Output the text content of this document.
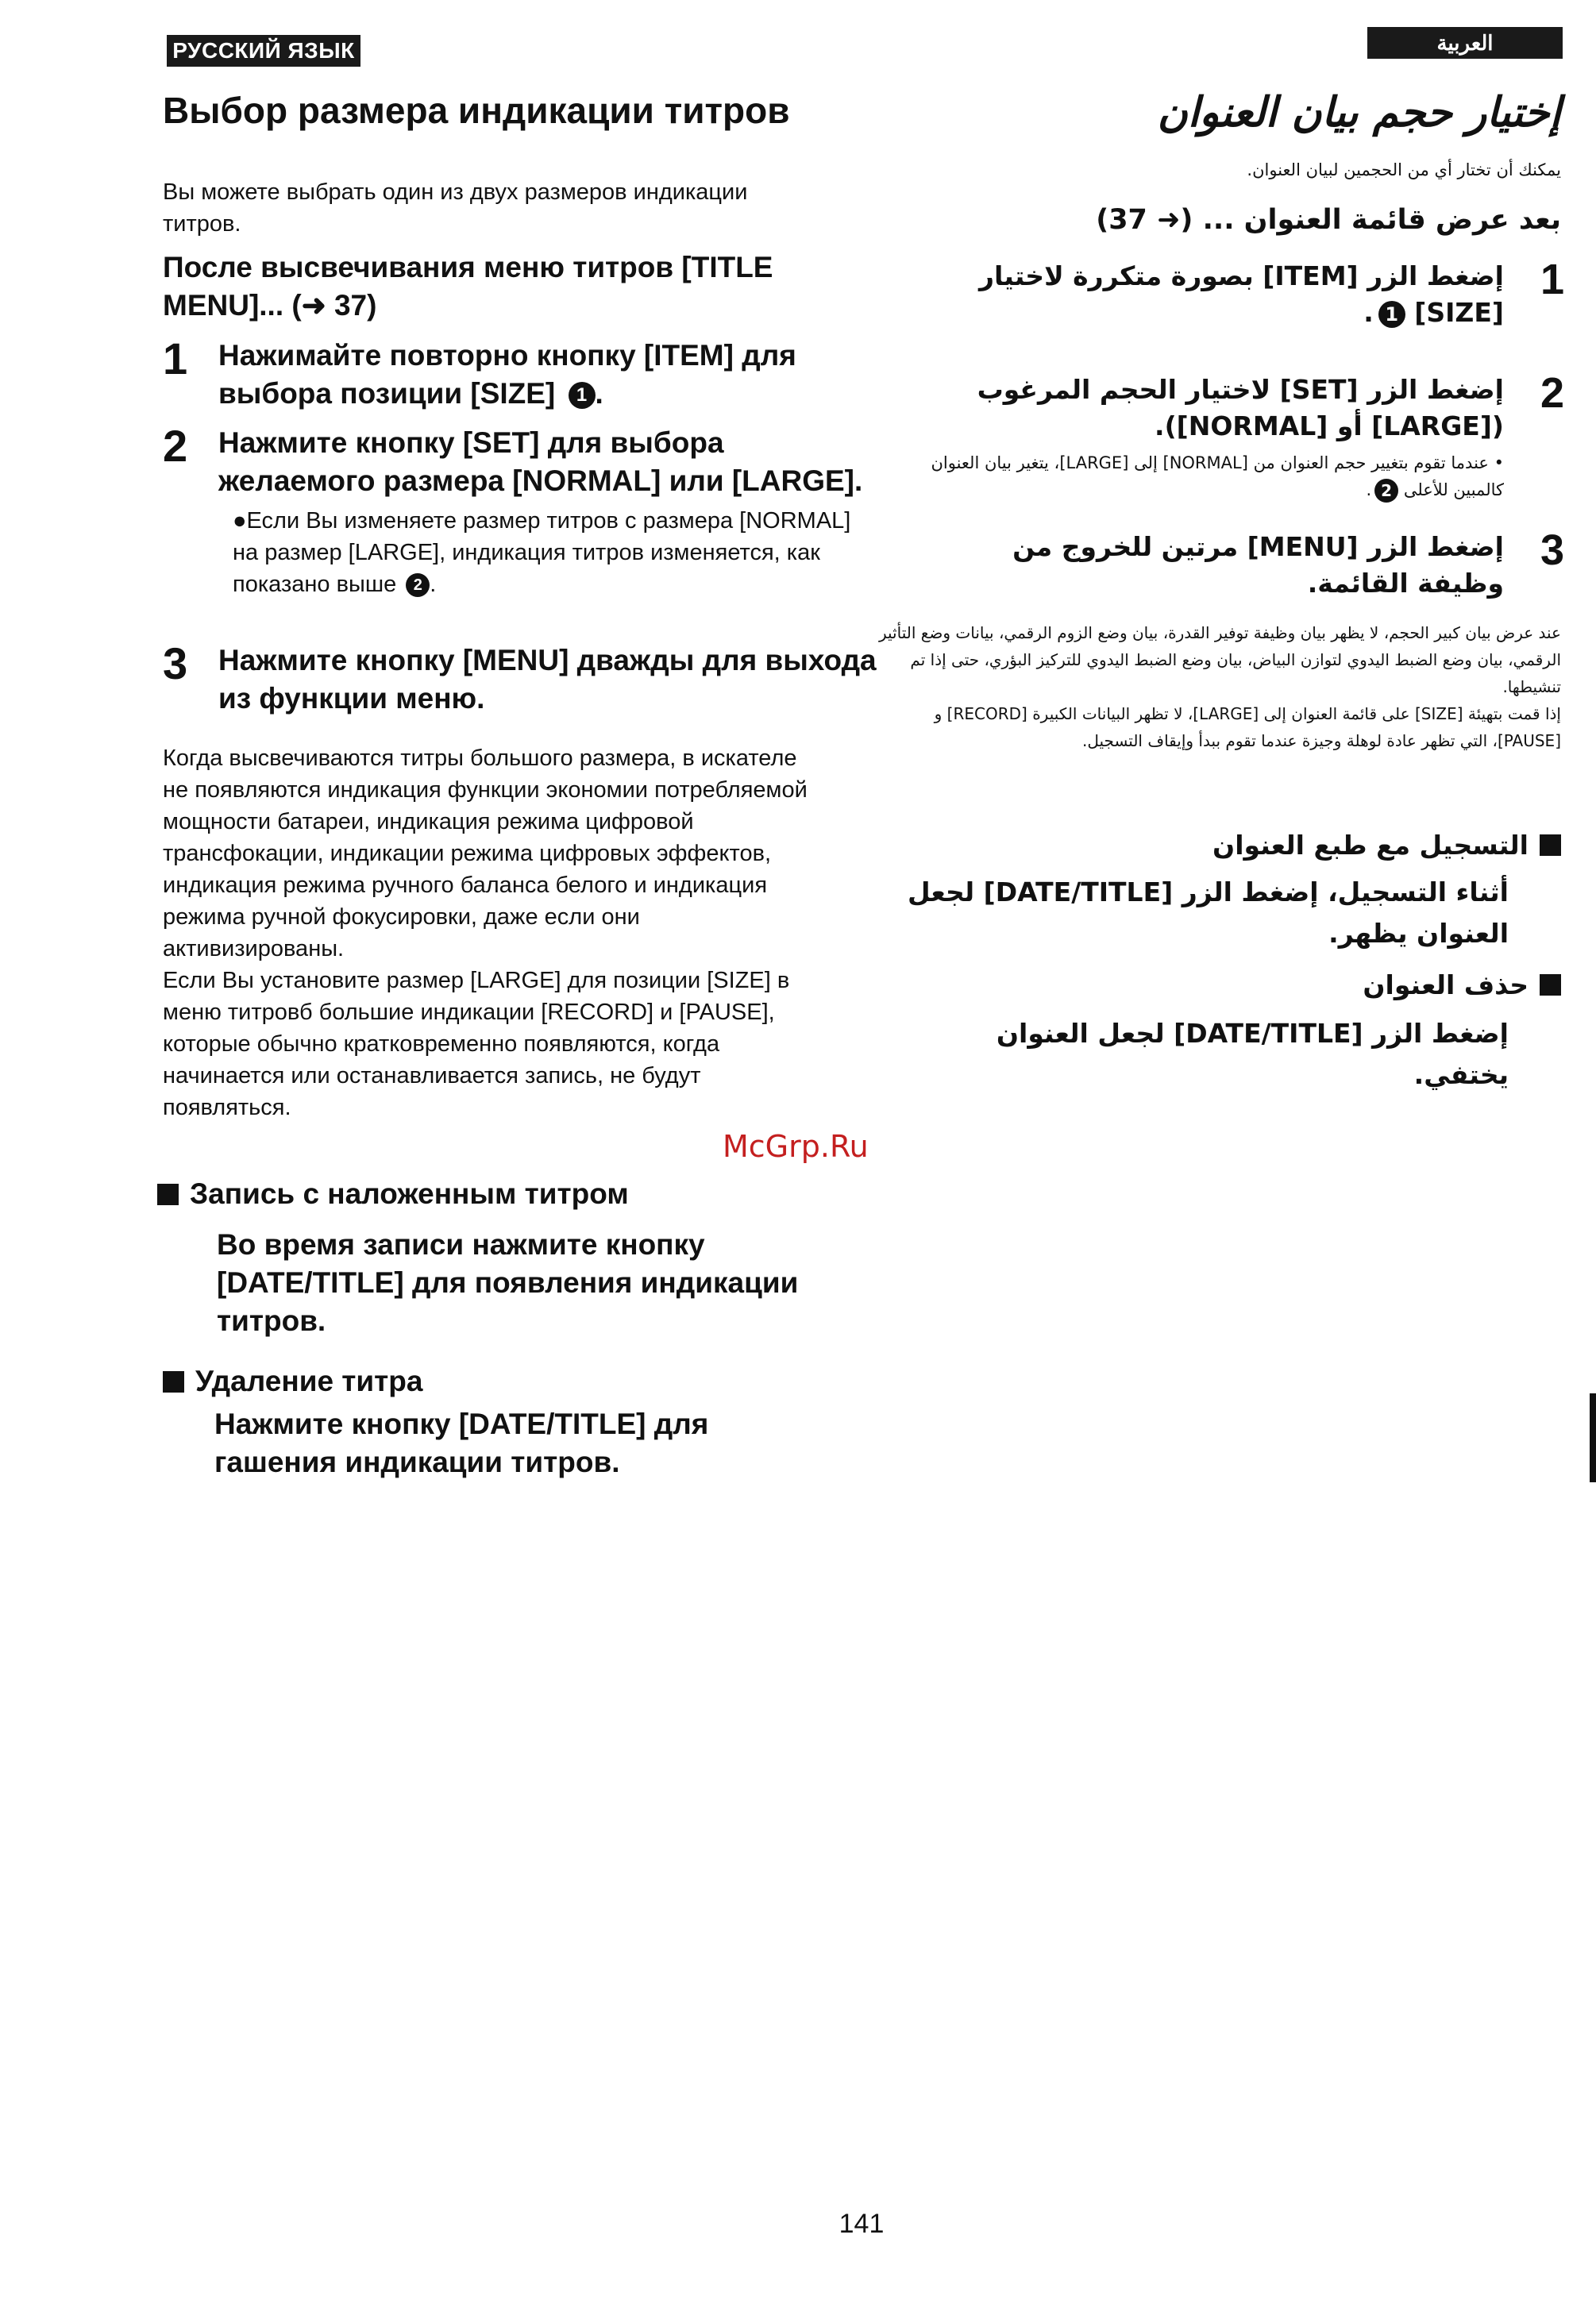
РУССКИЙ ЯЗЫК
Выбор размера индикации титров
Вы можете выбрать один из двух размеров индикации титров.
После высвечивания меню титров [TITLE MENU]... (➜ 37)
1 Нажимайте повторно кнопку [ITEM] для выбора позиции [SIZE] 1 .
2 Нажмите кнопку [SET] для выбора желаемого размера [NORMAL] или [LARGE].
●Если Вы изменяете размер титров с размера [NORMAL] на размер [LARGE], индикация титров изменяется, как показано выше 2 .
3 Нажмите кнопку [MENU] дважды для выхода из функции меню.
Когда высвечиваются титры большого размера, в искателе не появляются индикация функции экономии потребляемой мощности батареи, индикация режима цифровой трансфокации, индикации режима цифровых эффектов, индикация режима ручного баланса белого и индикация режима ручной фокусировки, даже если они активизированы.
Если Вы установите размер [LARGE] для позиции [SIZE] в меню титровб большие индикации [RECORD] и [PAUSE], которые обычно кратковременно появляются, когда начинается или останавливается запись, не будут появляться.
McGrp.Ru
Запись с наложенным титром
Во время записи нажмите кнопку [DATE/TITLE] для появления индикации титров.
Удаление титра
Нажмите кнопку [DATE/TITLE] для гашения индикации титров.
العربية
إختيار حجم بيان العنوان
يمكنك أن تختار أي من الحجمين لبيان العنوان.
بعد عرض قائمة العنوان ... (➜ 37)
1
إضغط الزر [ITEM] بصورة متكررة لاختيار [SIZE] 1.
2
إضغط الزر [SET] لاختيار الحجم المرغوب ([LARGE] أو [NORMAL]).
• عندما تقوم بتغيير حجم العنوان من [NORMAL] إلى [LARGE]، يتغير بيان العنوان كالمبين للأعلى 2.
3
إضغط الزر [MENU] مرتين للخروج من وظيفة القائمة.

عند عرض بيان كبير الحجم، لا يظهر بيان وظيفة توفير القدرة، بيان وضع الزوم الرقمي، بيانات وضع التأثير الرقمي، بيان وضع الضبط اليدوي لتوازن البياض، بيان وضع الضبط اليدوي للتركيز البؤري، حتى إذا تم تنشيطها.

إذا قمت بتهيئة [SIZE] على قائمة العنوان إلى [LARGE]، لا تظهر البيانات الكبيرة [RECORD] و [PAUSE]، التي تظهر عادة لوهلة وجيزة عندما تقوم ببدأ وإيقاف التسجيل.

التسجيل مع طبع العنوان
أثناء التسجيل، إضغط الزر [DATE/TITLE] لجعل العنوان يظهر.
حذف العنوان
إضغط الزر [DATE/TITLE] لجعل العنوان يختفي.
141
